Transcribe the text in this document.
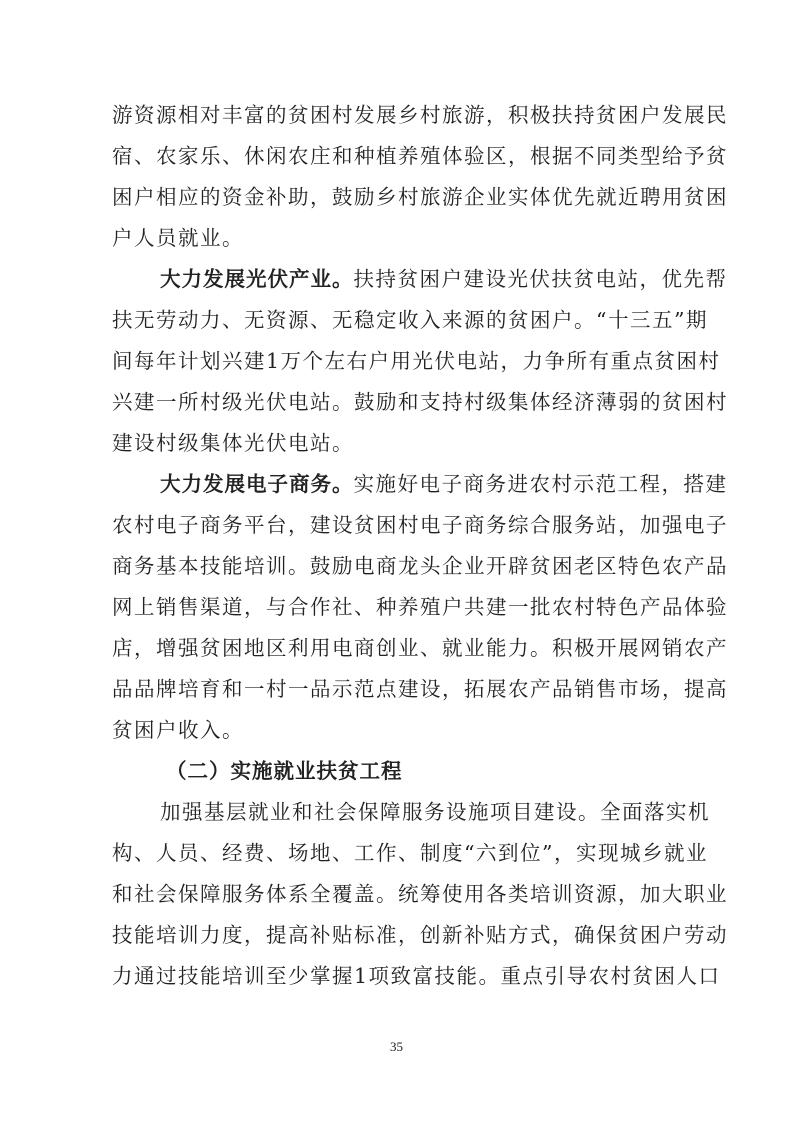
游资源相对丰富的贫困村发展乡村旅游，积极扶持贫困户发展民
宿、农家乐、休闲农庄和种植养殖体验区，根据不同类型给予贫
困户相应的资金补助，鼓励乡村旅游企业实体优先就近聘用贫困
户人员就业。
大力发展光伏产业。扶持贫困户建设光伏扶贫电站，优先帮
扶无劳动力、无资源、无稳定收入来源的贫困户。“十三五”期
间每年计划兴建1万个左右户用光伏电站，力争所有重点贫困村
兴建一所村级光伏电站。鼓励和支持村级集体经济薄弱的贫困村
建设村级集体光伏电站。
大力发展电子商务。实施好电子商务进农村示范工程，搭建
农村电子商务平台，建设贫困村电子商务综合服务站，加强电子
商务基本技能培训。鼓励电商龙头企业开辟贫困老区特色农产品
网上销售渠道，与合作社、种养殖户共建一批农村特色产品体验
店，增强贫困地区利用电商创业、就业能力。积极开展网销农产
品品牌培育和一村一品示范点建设，拓展农产品销售市场，提高
贫困户收入。
（二）实施就业扶贫工程
加强基层就业和社会保障服务设施项目建设。全面落实机
构、人员、经费、场地、工作、制度“六到位”，实现城乡就业
和社会保障服务体系全覆盖。统筹使用各类培训资源，加大职业
技能培训力度，提高补贴标准，创新补贴方式，确保贫困户劳动
力通过技能培训至少掌握1项致富技能。重点引导农村贫困人口
35
